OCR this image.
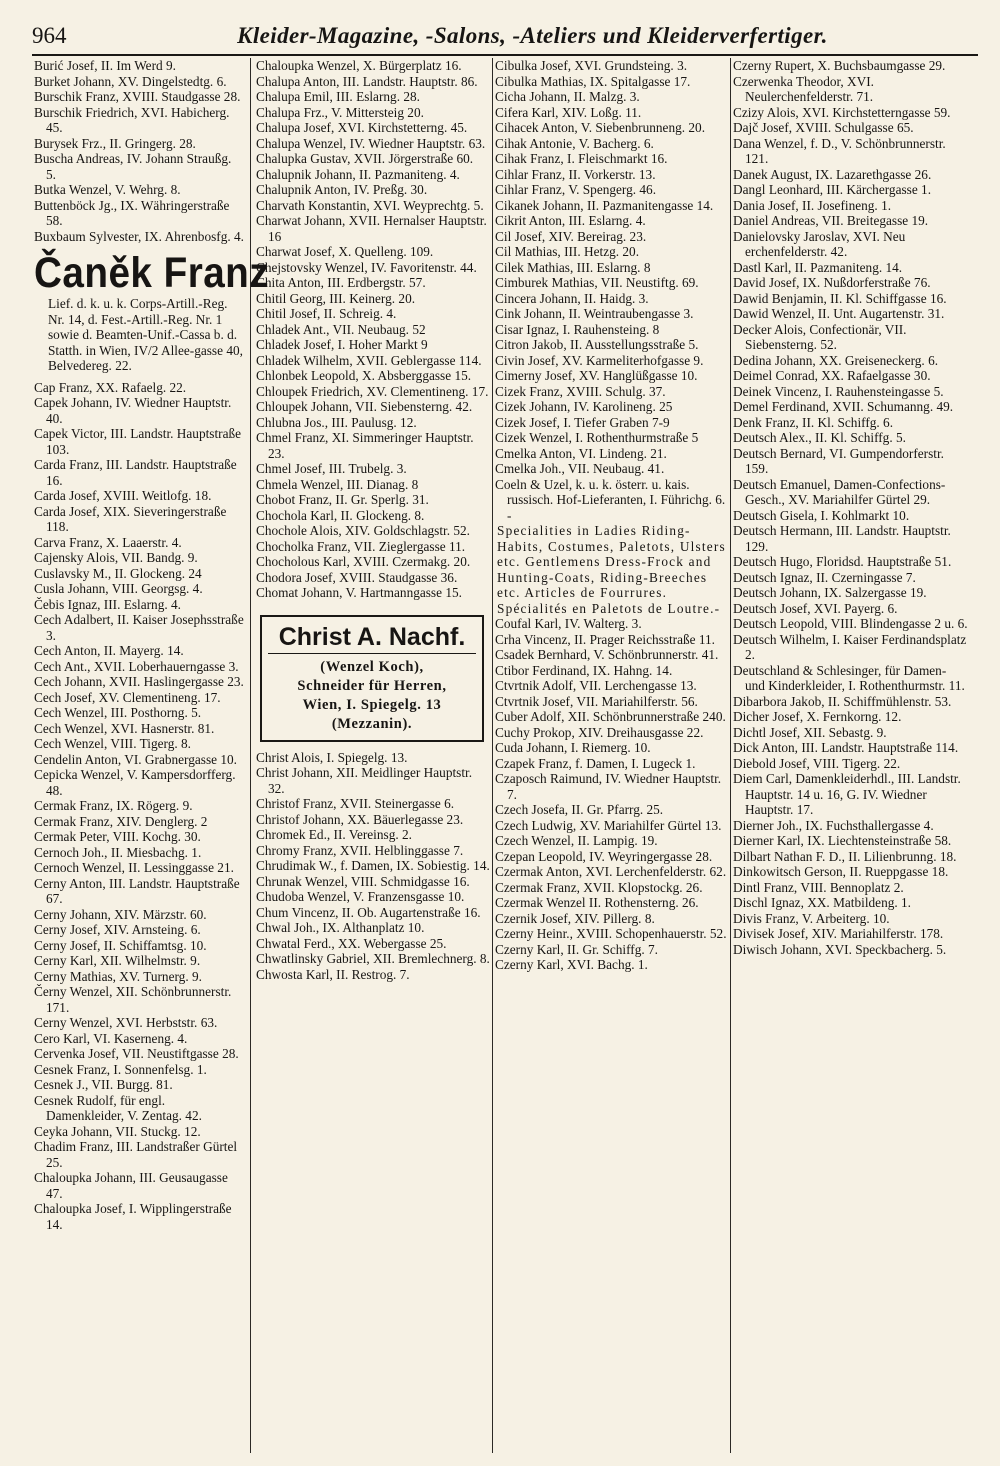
964	Kleider-Magazine, -Salons, -Ateliers und Kleiderverfertiger.
Burić Josef, II. Im Werd 9.
Burket Johann, XV. Dingelstedtg. 6.
Burschik Franz, XVIII. Staudgasse 28.
Burschik Friedrich, XVI. Habicherg. 45.
Burysek Frz., II. Gringerg. 28.
Buscha Andreas, IV. Johann Straußg. 5.
Butka Wenzel, V. Wehrg. 8.
Buttenböck Jg., IX. Währingerstraße 58.
Buxbaum Sylvester, IX. Ahrenbosfg. 4.
Čaněk Franz
Lief. d. k. u. k. Corps-Artill.-Reg. Nr. 14, d. Fest.-Artill.-Reg. Nr. 1 sowie d. Beamten-Unif.-Cassa b. d. Statth. in Wien, IV/2 Allee-gasse 40, Belvedereg. 22.
Cap Franz, XX. Rafaelg. 22.
Capek Johann, IV. Wiedner Hauptstr. 40.
Capek Victor, III. Landstr. Hauptstraße 103.
Carda Franz, III. Landstr. Hauptstraße 16.
Carda Josef, XVIII. Weitlofg. 18.
Carda Josef, XIX. Sieveringerstraße 118.
Carva Franz, X. Laaerstr. 4.
Cajensky Alois, VII. Bandg. 9.
Cuslavsky M., II. Glockeng. 24
Cusla Johann, VIII. Georgsg. 4.
Čebis Ignaz, III. Eslarng. 4.
Cech Adalbert, II. Kaiser Josephsstraße 3.
Cech Anton, II. Mayerg. 14.
Cech Ant., XVII. Loberhauerngasse 3.
Cech Johann, XVII. Haslingergasse 23.
Cech Josef, XV. Clementineng. 17.
Cech Wenzel, III. Posthorng. 5.
Cech Wenzel, XVI. Hasnerstr. 81.
Cech Wenzel, VIII. Tigerg. 8.
Cendelin Anton, VI. Grabnergasse 10.
Cepicka Wenzel, V. Kampersdorfferg. 48.
Cermak Franz, IX. Rögerg. 9.
Cermak Franz, XIV. Denglerg. 2
Cermak Peter, VIII. Kochg. 30.
Cernoch Joh., II. Miesbachg. 1.
Cernoch Wenzel, II. Lessinggasse 21.
Cerny Anton, III. Landstr. Hauptstraße 67.
Cerny Johann, XIV. Märzstr. 60.
Cerny Josef, XIV. Arnsteing. 6.
Cerny Josef, II. Schiffamtsg. 10.
Cerny Karl, XII. Wilhelmstr. 9.
Cerny Mathias, XV. Turnerg. 9.
Černy Wenzel, XII. Schönbrunnerstr. 171.
Cerny Wenzel, XVI. Herbststr. 63.
Cero Karl, VI. Kaserneng. 4.
Cervenka Josef, VII. Neustiftgasse 28.
Cesnek Franz, I. Sonnenfelsg. 1.
Cesnek J., VII. Burgg. 81.
Cesnek Rudolf, für engl. Damenkleider, V. Zentag. 42.
Ceyka Johann, VII. Stuckg. 12.
Chadim Franz, III. Landstraßer Gürtel 25.
Chaloupka Johann, III. Geusaugasse 47.
Chaloupka Josef, I. Wipplingerstraße 14.
Chaloupka Wenzel, X. Bürgerplatz 16.
Chalupa Anton, III. Landstr. Hauptstr. 86.
Chalupa Emil, III. Eslarng. 28.
Chalupa Frz., V. Mittersteig 20.
Chalupa Josef, XVI. Kirchstetterng. 45.
Chalupa Wenzel, IV. Wiedner Hauptstr. 63.
Chalupka Gustav, XVII. Jörgerstraße 60.
Chalupnik Johann, II. Pazmaniteng. 4.
Chalupnik Anton, IV. Preßg. 30.
Charvath Konstantin, XVI. Weyprechtg. 5.
Charwat Johann, XVII. Hernalser Hauptstr. 16
Charwat Josef, X. Quelleng. 109.
Chejstovsky Wenzel, IV. Favoritenstr. 44.
Chita Anton, III. Erdbergstr. 57.
Chitil Georg, III. Keinerg. 20.
Chitil Josef, II. Schreig. 4.
Chladek Ant., VII. Neubaug. 52
Chladek Josef, I. Hoher Markt 9
Chladek Wilhelm, XVII. Geblergasse 114.
Chlonbek Leopold, X. Absberggasse 15.
Chloupek Friedrich, XV. Clementineng. 17.
Chloupek Johann, VII. Siebensterng. 42.
Chlubna Jos., III. Paulusg. 12.
Chmel Franz, XI. Simmeringer Hauptstr. 23.
Chmel Josef, III. Trubelg. 3.
Chmela Wenzel, III. Dianag. 8
Chobot Franz, II. Gr. Sperlg. 31.
Chochola Karl, II. Glockeng. 8.
Chochole Alois, XIV. Goldschlagstr. 52.
Chocholka Franz, VII. Zieglergasse 11.
Chocholous Karl, XVIII. Czermakg. 20.
Chodora Josef, XVIII. Staudgasse 36.
Chomat Johann, V. Hartmanngasse 15.
Christ A. Nachf.
(Wenzel Koch),
Schneider für Herren,
Wien, I. Spiegelg. 13
(Mezzanin).
Christ Alois, I. Spiegelg. 13.
Christ Johann, XII. Meidlinger Hauptstr. 32.
Christof Franz, XVII. Steinergasse 6.
Christof Johann, XX. Bäuerlegasse 23.
Chromek Ed., II. Vereinsg. 2.
Chromy Franz, XVII. Helblinggasse 7.
Chrudimak W., f. Damen, IX. Sobiestig. 14.
Chrunak Wenzel, VIII. Schmidgasse 16.
Chudoba Wenzel, V. Franzensgasse 10.
Chum Vincenz, II. Ob. Augartenstraße 16.
Chwal Joh., IX. Althanplatz 10.
Chwatal Ferd., XX. Webergasse 25.
Chwatlinsky Gabriel, XII. Bremlechnerg. 8.
Chwosta Karl, II. Restrog. 7.
Cibulka Josef, XVI. Grundsteing. 3.
Cibulka Mathias, IX. Spitalgasse 17.
Cicha Johann, II. Malzg. 3.
Cifera Karl, XIV. Loßg. 11.
Cihacek Anton, V. Siebenbrunneng. 20.
Cihak Antonie, V. Bacherg. 6.
Cihak Franz, I. Fleischmarkt 16.
Cihlar Franz, II. Vorkerstr. 13.
Cihlar Franz, V. Spengerg. 46.
Cikanek Johann, II. Pazmanitengasse 14.
Cikrit Anton, III. Eslarng. 4.
Cil Josef, XIV. Bereirag. 23.
Cil Mathias, III. Hetzg. 20.
Cilek Mathias, III. Eslarng. 8
Cimburek Mathias, VII. Neustiftg. 69.
Cincera Johann, II. Haidg. 3.
Cink Johann, II. Weintraubengasse 3.
Cisar Ignaz, I. Rauhensteing. 8
Citron Jakob, II. Ausstellungsstraße 5.
Civin Josef, XV. Karmeliterhofgasse 9.
Cimerny Josef, XV. Hanglüßgasse 10.
Cizek Franz, XVIII. Schulg. 37.
Cizek Johann, IV. Karolineng. 25
Cizek Josef, I. Tiefer Graben 7-9
Cizek Wenzel, I. Rothenthurmstraße 5
Cmelka Anton, VI. Lindeng. 21.
Cmelka Joh., VII. Neubaug. 41.
Coeln & Uzel, k. u. k. österr. u. kais. russisch. Hof-Lieferanten, I. Führichg. 6. -
Specialities in Ladies Riding-Habits, Costumes, Paletots, Ulsters etc. Gentlemens Dress-Frock and Hunting-Coats, Riding-Breeches etc. Articles de Fourrures. Spécialités en Paletots de Loutre.-
Coufal Karl, IV. Walterg. 3.
Crha Vincenz, II. Prager Reichsstraße 11.
Csadek Bernhard, V. Schönbrunnerstr. 41.
Ctibor Ferdinand, IX. Hahng. 14.
Ctvrtnik Adolf, VII. Lerchengasse 13.
Ctvrtnik Josef, VII. Mariahilferstr. 56.
Cuber Adolf, XII. Schönbrunnerstraße 240.
Cuchy Prokop, XIV. Dreihausgasse 22.
Cuda Johann, I. Riemerg. 10.
Czapek Franz, f. Damen, I. Lugeck 1.
Czaposch Raimund, IV. Wiedner Hauptstr. 7.
Czech Josefa, II. Gr. Pfarrg. 25.
Czech Ludwig, XV. Mariahilfer Gürtel 13.
Czech Wenzel, II. Lampig. 19.
Czepan Leopold, IV. Weyringergasse 28.
Czermak Anton, XVI. Lerchenfelderstr. 62.
Czermak Franz, XVII. Klopstockg. 26.
Czermak Wenzel II. Rothensterng. 26.
Czernik Josef, XIV. Pillerg. 8.
Czerny Heinr., XVIII. Schopenhauerstr. 52.
Czerny Karl, II. Gr. Schiffg. 7.
Czerny Karl, XVI. Bachg. 1.
Czerny Rupert, X. Buchsbaumgasse 29.
Czerwenka Theodor, XVI. Neulerchenfelderstr. 71.
Czizy Alois, XVI. Kirchstetterngasse 59.
Dajč Josef, XVIII. Schulgasse 65.
Dana Wenzel, f. D., V. Schönbrunnerstr. 121.
Danek August, IX. Lazarethgasse 26.
Dangl Leonhard, III. Kärchergasse 1.
Dania Josef, II. Josefineng. 1.
Daniel Andreas, VII. Breitegasse 19.
Danielovsky Jaroslav, XVI. Neu erchenfelderstr. 42.
Dastl Karl, II. Pazmaniteng. 14.
David Josef, IX. Nußdorferstraße 76.
Dawid Benjamin, II. Kl. Schiffgasse 16.
Dawid Wenzel, II. Unt. Augartenstr. 31.
Decker Alois, Confectionär, VII. Siebensterng. 52.
Dedina Johann, XX. Greiseneckerg. 6.
Deimel Conrad, XX. Rafaelgasse 30.
Deinek Vincenz, I. Rauhensteingasse 5.
Demel Ferdinand, XVII. Schumanng. 49.
Denk Franz, II. Kl. Schiffg. 6.
Deutsch Alex., II. Kl. Schiffg. 5.
Deutsch Bernard, VI. Gumpendorferstr. 159.
Deutsch Emanuel, Damen-Confections-Gesch., XV. Mariahilfer Gürtel 29.
Deutsch Gisela, I. Kohlmarkt 10.
Deutsch Hermann, III. Landstr. Hauptstr. 129.
Deutsch Hugo, Floridsd. Hauptstraße 51.
Deutsch Ignaz, II. Czerningasse 7.
Deutsch Johann, IX. Salzergasse 19.
Deutsch Josef, XVI. Payerg. 6.
Deutsch Leopold, VIII. Blindengasse 2 u. 6.
Deutsch Wilhelm, I. Kaiser Ferdinandsplatz 2.
Deutschland & Schlesinger, für Damen- und Kinderkleider, I. Rothenthurmstr. 11.
Dibarbora Jakob, II. Schiffmühlenstr. 53.
Dicher Josef, X. Fernkorng. 12.
Dichtl Josef, XII. Sebastg. 9.
Dick Anton, III. Landstr. Hauptstraße 114.
Diebold Josef, VIII. Tigerg. 22.
Diem Carl, Damenkleiderhdl., III. Landstr. Hauptstr. 14 u. 16, G. IV. Wiedner Hauptstr. 17.
Dierner Joh., IX. Fuchsthallergasse 4.
Dierner Karl, IX. Liechtensteinstraße 58.
Dilbart Nathan F. D., II. Lilienbrunng. 18.
Dinkowitsch Gerson, II. Rueppgasse 18.
Dintl Franz, VIII. Bennoplatz 2.
Dischl Ignaz, XX. Matbildeng. 1.
Divis Franz, V. Arbeiterg. 10.
Divisek Josef, XIV. Mariahilferstr. 178.
Diwisch Johann, XVI. Speckbacherg. 5.
